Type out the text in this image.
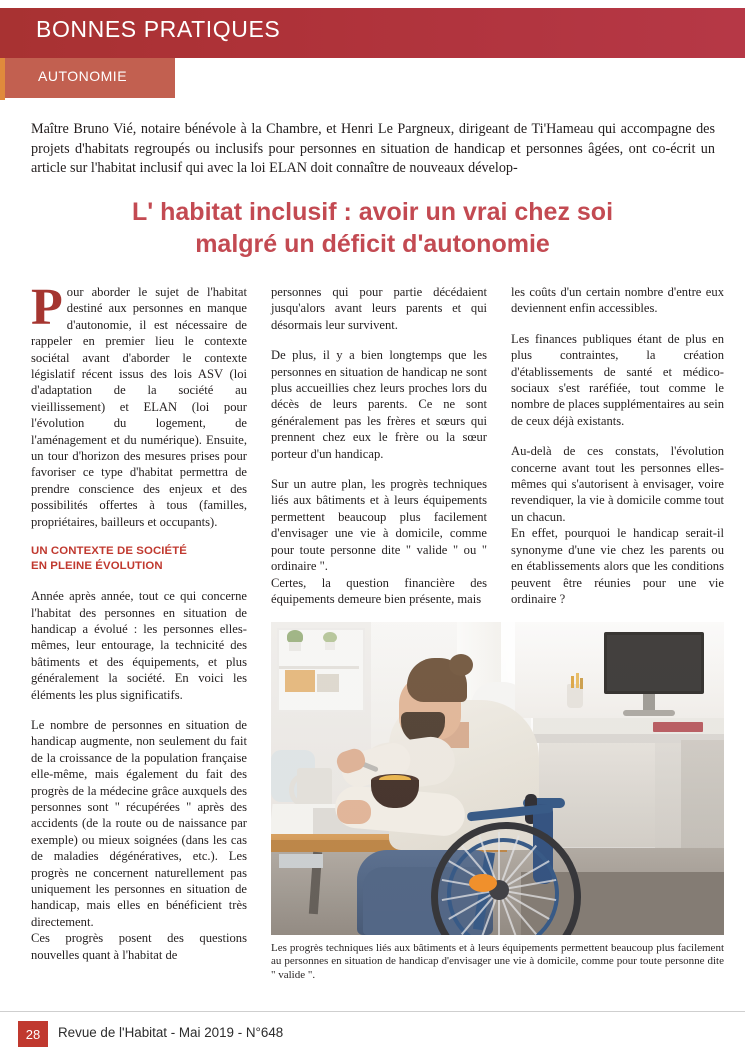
BONNES PRATIQUES
AUTONOMIE
Maître Bruno Vié, notaire bénévole à la Chambre, et Henri Le Pargneux, dirigeant de Ti'Hameau qui accompagne des projets d'habitats regroupés ou inclusifs pour personnes en situation de handicap et personnes âgées, ont co-écrit un article sur l'habitat inclusif qui avec la loi ELAN doit connaître de nouveaux dévelop-
L' habitat inclusif : avoir un vrai chez soi
malgré un déficit d'autonomie

Pour aborder le sujet de l'habitat destiné aux personnes en manque d'autonomie, il est nécessaire de rappeler en premier lieu le contexte sociétal avant d'aborder le contexte législatif récent issus des lois ASV (loi d'adaptation de la société au vieillissement) et ELAN (loi pour l'évolution du logement, de l'aménagement et du numérique). Ensuite, un tour d'horizon des mesures prises pour favoriser ce type d'habitat permettra de prendre conscience des enjeux et des possibilités offertes à tous (familles, propriétaires, bailleurs et occupants).

UN CONTEXTE DE SOCIÉTÉ
EN PLEINE ÉVOLUTION

Année après année, tout ce qui concerne l'habitat des personnes en situation de handicap a évolué : les personnes elles-mêmes, leur entourage, la technicité des bâtiments et des équipements, et plus généralement la société. En voici les éléments les plus significatifs.

Le nombre de personnes en situation de handicap augmente, non seulement du fait de la croissance de la population française elle-même, mais également du fait des progrès de la médecine grâce auxquels des personnes sont " récupérées " après des accidents (de la route ou de naissance par exemple) ou mieux soignées (dans les cas de maladies dégénératives, etc.). Les progrès ne concernent naturellement pas uniquement les personnes en situation de handicap, mais elles en bénéficient très directement.

Ces progrès posent des questions nouvelles quant à l'habitat de

personnes qui pour partie décédaient jusqu'alors avant leurs parents et qui désormais leur survivent.

De plus, il y a bien longtemps que les personnes en situation de handicap ne sont plus accueillies chez leurs proches lors du décès de leurs parents. Ce ne sont généralement pas les frères et sœurs qui prennent chez eux le frère ou la sœur porteur d'un handicap.

Sur un autre plan, les progrès techniques liés aux bâtiments et à leurs équipements permettent beaucoup plus facilement d'envisager une vie à domicile, comme pour toute personne dite " valide " ou " ordinaire ".

Certes, la question financière des équipements demeure bien présente, mais

les coûts d'un certain nombre d'entre eux deviennent enfin accessibles.

Les finances publiques étant de plus en plus contraintes, la création d'établissements de santé et médico-sociaux s'est raréfiée, tout comme le nombre de places supplémentaires au sein de ceux déjà existants.

Au-delà de ces constats, l'évolution concerne avant tout les personnes elles-mêmes qui s'autorisent à envisager, voire revendiquer, la vie à domicile comme tout un chacun.

En effet, pourquoi le handicap serait-il synonyme d'une vie chez les parents ou en établissements alors que les conditions peuvent être réunies pour une vie ordinaire ?

Les progrès techniques liés aux bâtiments et à leurs équipements permettent beaucoup plus facilement au personnes en situation de handicap d'envisager une vie à domicile, comme pour toute personne dite " valide ".
28	Revue de l'Habitat - Mai 2019 - N°648
